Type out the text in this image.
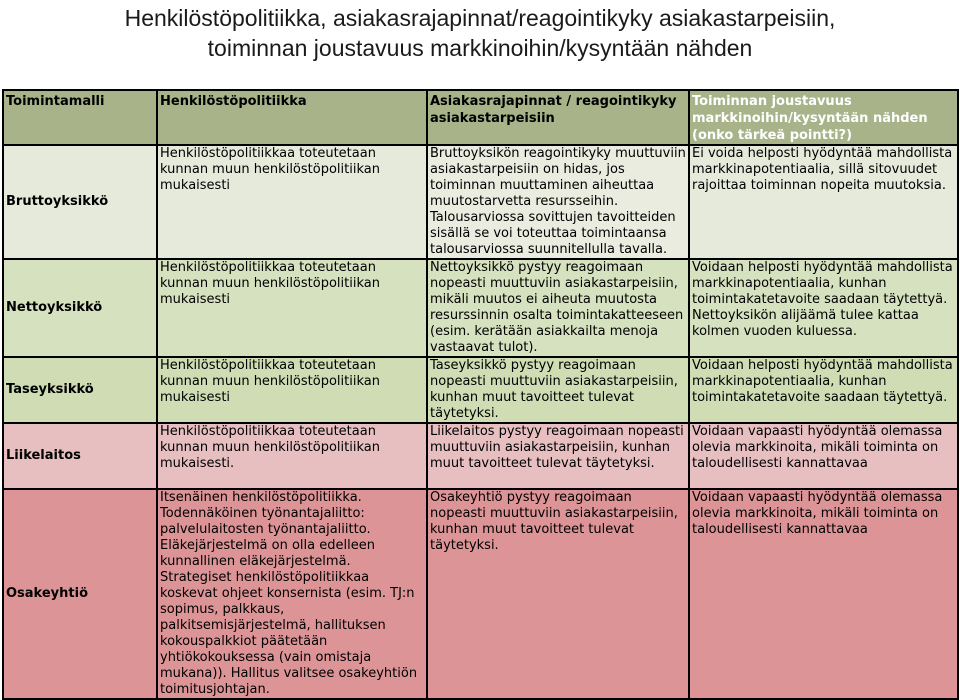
Henkilöstöpolitiikka, asiakasrajapinnat/reagointikyky asiakastarpeisiin,
toiminnan joustavuus markkinoihin/kysyntään nähden
Toimintamalli	Henkilöstöpolitiikka	Asiakasrajapinnat / reagointikyky asiakastarpeisiin	Toiminnan joustavuus markkinoihin/kysyntään nähden (onko tärkeä pointti?)
Bruttoyksikkö	Henkilöstöpolitiikkaa toteutetaan kunnan muun henkilöstöpolitiikan mukaisesti	Bruttoyksikön reagointikyky muuttuviin asiakastarpeisiin on hidas, jos toiminnan muuttaminen aiheuttaa muutostarvetta resursseihin. Talousarviossa sovittujen tavoitteiden sisällä se voi toteuttaa toimintaansa talousarviossa suunnitellulla tavalla.	Ei voida helposti hyödyntää mahdollista markkinapotentiaalia, sillä sitovuudet rajoittaa toiminnan nopeita muutoksia.
Nettoyksikkö	Henkilöstöpolitiikkaa toteutetaan kunnan muun henkilöstöpolitiikan mukaisesti	Nettoyksikkö pystyy reagoimaan nopeasti muuttuviin asiakastarpeisiin, mikäli muutos ei aiheuta muutosta resurssinnin osalta toimintakatteeseen (esim. kerätään asiakkailta menoja vastaavat tulot).	Voidaan helposti hyödyntää mahdollista markkinapotentiaalia, kunhan toimintakatetavoite saadaan täytettyä. Nettoyksikön alijäämä tulee kattaa kolmen vuoden kuluessa.
Taseyksikkö	Henkilöstöpolitiikkaa toteutetaan kunnan muun henkilöstöpolitiikan mukaisesti	Taseyksikkö pystyy reagoimaan nopeasti muuttuviin asiakastarpeisiin, kunhan muut tavoitteet tulevat täytetyksi.	Voidaan helposti hyödyntää mahdollista markkinapotentiaalia, kunhan toimintakatetavoite saadaan täytettyä.
Liikelaitos	Henkilöstöpolitiikkaa toteutetaan kunnan muun henkilöstöpolitiikan mukaisesti.	Liikelaitos pystyy reagoimaan nopeasti muuttuviin asiakastarpeisiin, kunhan muut tavoitteet tulevat täytetyksi.	Voidaan vapaasti hyödyntää olemassa olevia markkinoita, mikäli toiminta on taloudellisesti kannattavaa
Osakeyhtiö	Itsenäinen henkilöstöpolitiikka. Todennäköinen työnantajaliitto: palvelulaitosten työnantajaliitto. Eläkejärjestelmä on olla edelleen kunnallinen eläkejärjestelmä. Strategiset henkilöstöpolitiikkaa koskevat ohjeet konsernista (esim. TJ:n sopimus, palkkaus, palkitsemisjärjestelmä, hallituksen kokouspalkkiot päätetään yhtiökokouksessa (vain omistaja mukana)). Hallitus valitsee osakeyhtiön toimitusjohtajan.	Osakeyhtiö pystyy reagoimaan nopeasti muuttuviin asiakastarpeisiin, kunhan muut tavoitteet tulevat täytetyksi.	Voidaan vapaasti hyödyntää olemassa olevia markkinoita, mikäli toiminta on taloudellisesti kannattavaa
